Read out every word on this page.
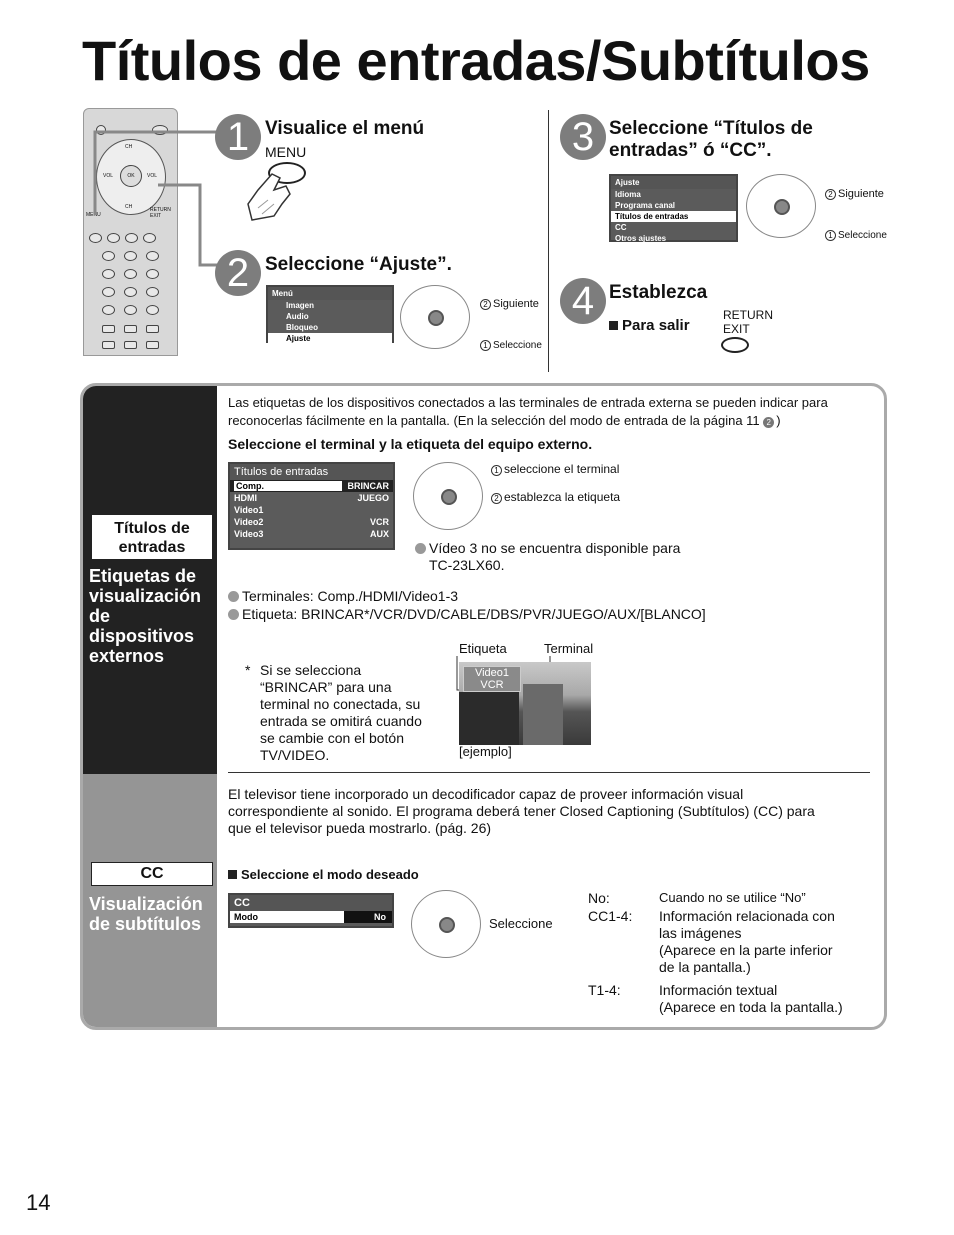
Títulos de entradas/Subtítulos
OK
CH
CH
VOL	VOL
MENU
RETURN EXIT
1 Visualice el menú
MENU
2 Seleccione “Ajuste”.
Menú
Imagen
Audio
Bloqueo
Ajuste
2 Siguiente
1 Seleccione
3 Seleccione “Títulos de
entradas” ó “CC”.
Ajuste
Idioma
Programa canal
Títulos de entradas
CC
Otros ajustes
2 Siguiente
1 Seleccione
4 Establezca
Para salir
RETURN
EXIT
Títulos de entradas
Etiquetas de
visualización
de
dispositivos
externos
CC
Visualización
de subtítulos
Las etiquetas de los dispositivos conectados a las terminales de entrada externa se pueden indicar para
reconocerlas fácilmente en la pantalla. (En la selección del modo de entrada de la página 11 2 )
Seleccione el terminal y la etiqueta del equipo externo.
Títulos de entradas
Comp.	BRINCAR
HDMI	JUEGO
Video1
Video2	VCR
Video3	AUX
1 seleccione el terminal
2 establezca la etiqueta
Vídeo 3 no se encuentra disponible para
TC-23LX60.
Terminales: Comp./HDMI/Video1-3
Etiqueta: BRINCAR*/VCR/DVD/CABLE/DBS/PVR/JUEGO/AUX/[BLANCO]
* Si se selecciona
“BRINCAR” para una
terminal no conectada, su
entrada se omitirá cuando
se cambie con el botón
TV/VIDEO.
Etiqueta	Terminal
Video1
VCR
[ejemplo]
El televisor tiene incorporado un decodificador capaz de proveer información visual
correspondiente al sonido. El programa deberá tener Closed Captioning (Subtítulos) (CC) para
que el televisor pueda mostrarlo. (pág. 26)
Seleccione el modo deseado
CC
Modo	No	Seleccione
No:	Cuando no se utilice “No”
CC1-4: Información relacionada con
las imágenes
(Aparece en la parte inferior
de la pantalla.)
T1-4:	Información textual
(Aparece en toda la pantalla.)
14
